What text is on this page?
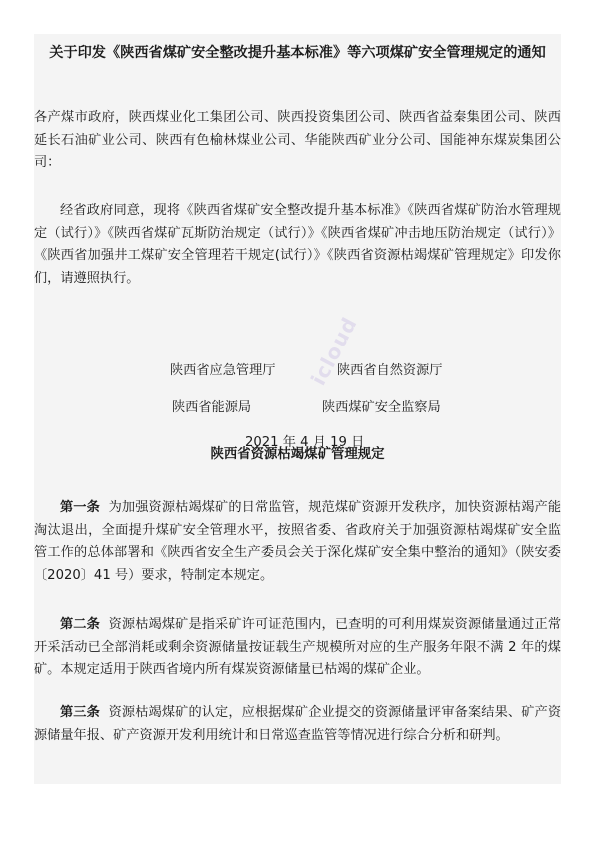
关于印发《陕西省煤矿安全整改提升基本标准》等六项煤矿安全管理规定的通知

各产煤市政府，陕西煤业化工集团公司、陕西投资集团公司、陕西省益秦集团公司、陕西延长石油矿业公司、陕西有色榆林煤业公司、华能陕西矿业分公司、国能神东煤炭集团公司：

经省政府同意，现将《陕西省煤矿安全整改提升基本标准》《陕西省煤矿防治水管理规定（试行）》《陕西省煤矿瓦斯防治规定（试行）》《陕西省煤矿冲击地压防治规定（试行）》《陕西省加强井工煤矿安全管理若干规定(试行）》《陕西省资源枯竭煤矿管理规定》印发你们，请遵照执行。

陕西省应急管理厅	陕西省自然资源厅
陕西省能源局	陕西煤矿安全监察局
2021 年 4 月 19 日
icloud
陕西省资源枯竭煤矿管理规定

第一条 为加强资源枯竭煤矿的日常监管，规范煤矿资源开发秩序，加快资源枯竭产能淘汰退出，全面提升煤矿安全管理水平，按照省委、省政府关于加强资源枯竭煤矿安全监管工作的总体部署和《陕西省安全生产委员会关于深化煤矿安全集中整治的通知》（陕安委〔2020〕41 号）要求，特制定本规定。

第二条 资源枯竭煤矿是指采矿许可证范围内，已查明的可利用煤炭资源储量通过正常开采活动已全部消耗或剩余资源储量按证载生产规模所对应的生产服务年限不满 2 年的煤矿。本规定适用于陕西省境内所有煤炭资源储量已枯竭的煤矿企业。

第三条 资源枯竭煤矿的认定，应根据煤矿企业提交的资源储量评审备案结果、矿产资源储量年报、矿产资源开发利用统计和日常巡查监管等情况进行综合分析和研判。
